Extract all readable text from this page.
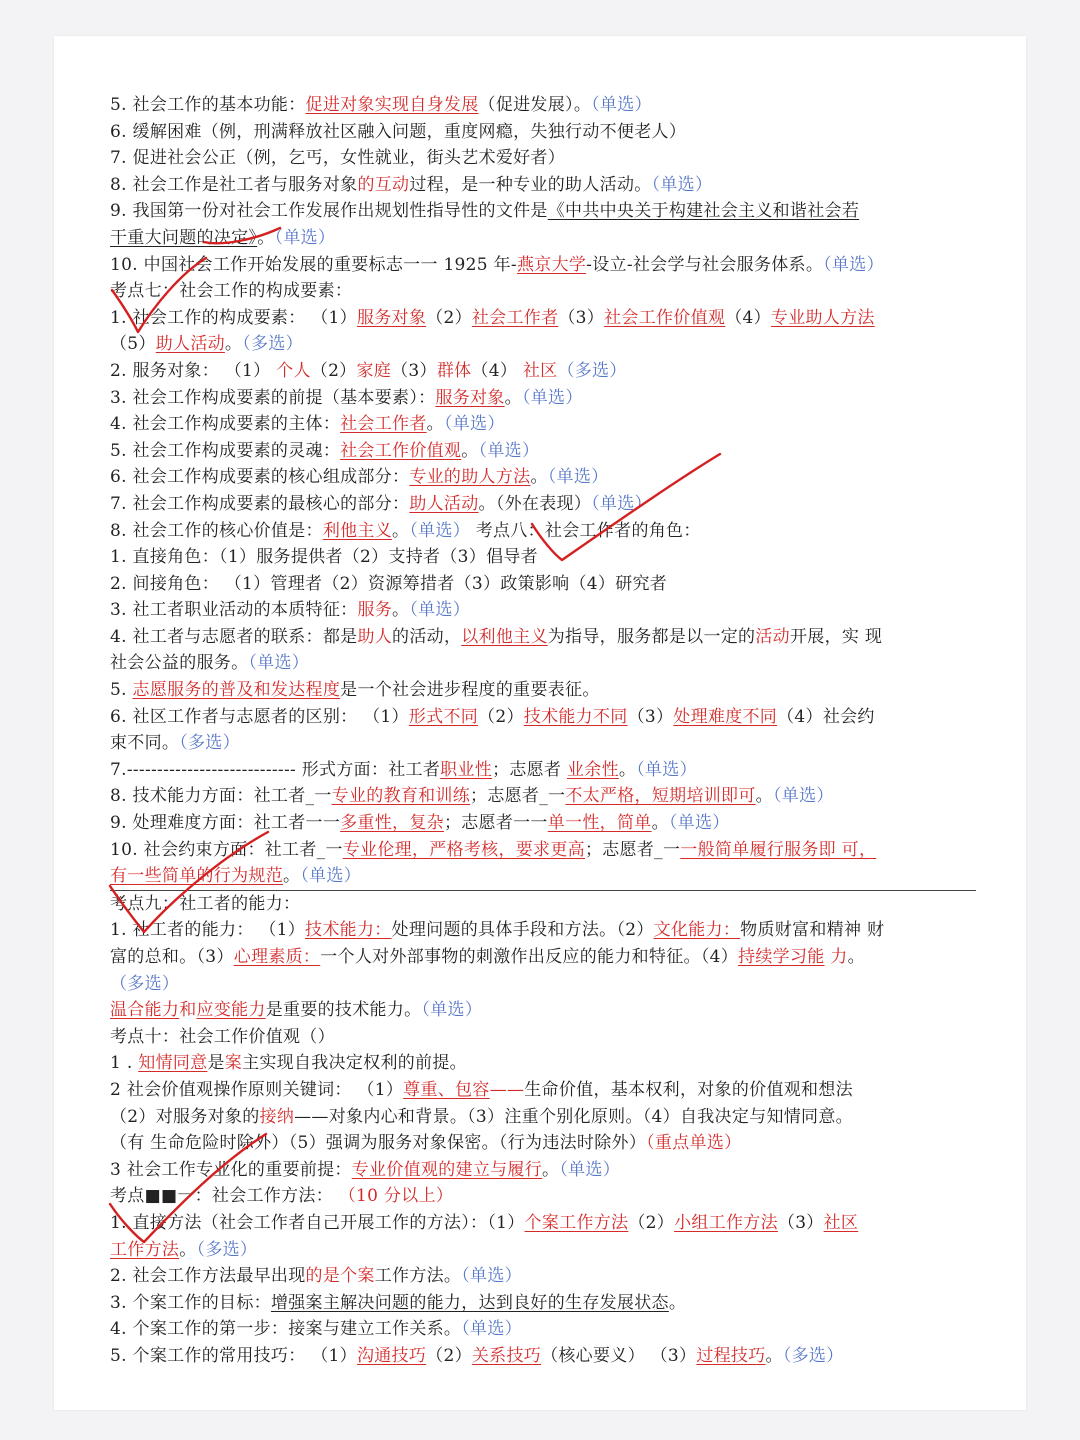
5. 社会工作的基本功能：促进对象实现自身发展（促进发展）。（单选）
6. 缓解困难（例，刑满释放社区融入问题，重度网瘾，失独行动不便老人）
7. 促进社会公正（例，乞丐，女性就业，街头艺术爱好者）
8. 社会工作是社工者与服务对象的互动过程，是一种专业的助人活动。（单选）
9. 我国第一份对社会工作发展作出规划性指导性的文件是《中共中央关于构建社会主义和谐社会若
干重大问题的决定》。（单选）
10. 中国社会工作开始发展的重要标志一一 1925 年-燕京大学-设立-社会学与社会服务体系。（单选）
考点七：社会工作的构成要素：
1. 社会工作的构成要素： （1）服务对象（2）社会工作者（3）社会工作价值观（4）专业助人方法
（5）助人活动。（多选）
2. 服务对象： （1） 个人（2）家庭（3）群体（4） 社区（多选）
3. 社会工作构成要素的前提（基本要素）：服务对象。（单选）
4. 社会工作构成要素的主体：社会工作者。（单选）
5. 社会工作构成要素的灵魂：社会工作价值观。（单选）
6. 社会工作构成要素的核心组成部分：专业的助人方法。（单选）
7. 社会工作构成要素的最核心的部分：助人活动。（外在表现）（单选）
8. 社会工作的核心价值是：利他主义。（单选） 考点八：社会工作者的角色：
1. 直接角色：（1）服务提供者（2）支持者（3）倡导者
2. 间接角色： （1）管理者（2）资源筹措者（3）政策影响（4）研究者
3. 社工者职业活动的本质特征：服务。（单选）
4. 社工者与志愿者的联系：都是助人的活动，以利他主义为指导，服务都是以一定的活动开展，实 现
社会公益的服务。（单选）
5. 志愿服务的普及和发达程度是一个社会进步程度的重要表征。
6. 社区工作者与志愿者的区别： （1）形式不同（2）技术能力不同（3）处理难度不同（4）社会约
束不同。（多选）
7.---------------------------- 形式方面：社工者职业性；志愿者 业余性。（单选）
8. 技术能力方面：社工者_一专业的教育和训练；志愿者_一不太严格，短期培训即可。（单选）
9. 处理难度方面：社工者一一多重性，复杂；志愿者一一单一性，简单。（单选）
10. 社会约束方面：社工者_一专业伦理，严格考核，要求更高；志愿者_一一般简单履行服务即 可，
有一些简单的行为规范。（单选）
考点九：社工者的能力：
1. 社工者的能力： （1）技术能力：处理问题的具体手段和方法。（2）文化能力：物质财富和精神 财
富的总和。（3）心理素质：一个人对外部事物的刺激作出反应的能力和特征。（4）持续学习能 力。
（多选）
温合能力和应变能力是重要的技术能力。（单选）
考点十：社会工作价值观（）
1 . 知情同意是案主实现自我决定权利的前提。
2 社会价值观操作原则关键词： （1）尊重、包容——生命价值，基本权利，对象的价值观和想法
（2）对服务对象的接纳——对象内心和背景。（3）注重个别化原则。（4）自我决定与知情同意。
（有 生命危险时除外）（5）强调为服务对象保密。（行为违法时除外）（重点单选）
3 社会工作专业化的重要前提：专业价值观的建立与履行。（单选）
考点■■一：社会工作方法： （10 分以上）
1. 直接方法（社会工作者自己开展工作的方法）：（1）个案工作方法（2）小组工作方法（3）社区
工作方法。（多选）
2. 社会工作方法最早出现的是个案工作方法。（单选）
3. 个案工作的目标：增强案主解决问题的能力，达到良好的生存发展状态。
4. 个案工作的第一步：接案与建立工作关系。（单选）
5. 个案工作的常用技巧： （1）沟通技巧（2）关系技巧（核心要义） （3）过程技巧。（多选）
